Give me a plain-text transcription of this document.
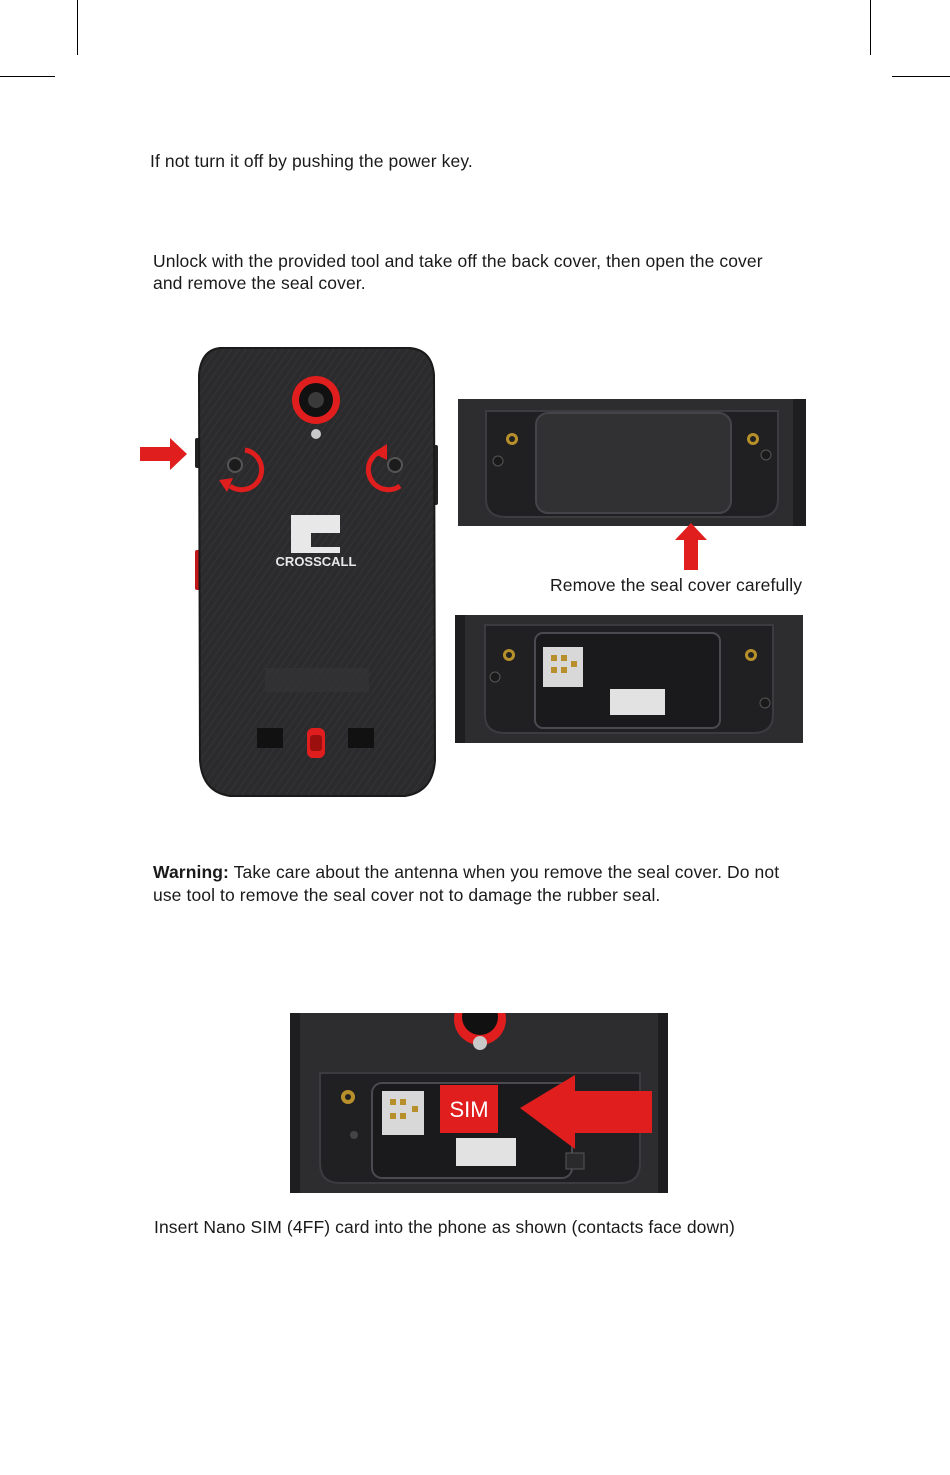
If not turn it off by pushing the power key.
Unlock with the provided tool and take off the back cover, then open the cover
and remove the seal cover.
CROSSCALL
Remove the seal cover carefully
Warning: Take care about the antenna when you remove the seal cover. Do not
use tool to remove the seal cover not to damage the rubber seal.
SIM
Insert Nano SIM (4FF) card into the phone as shown (contacts face down)
